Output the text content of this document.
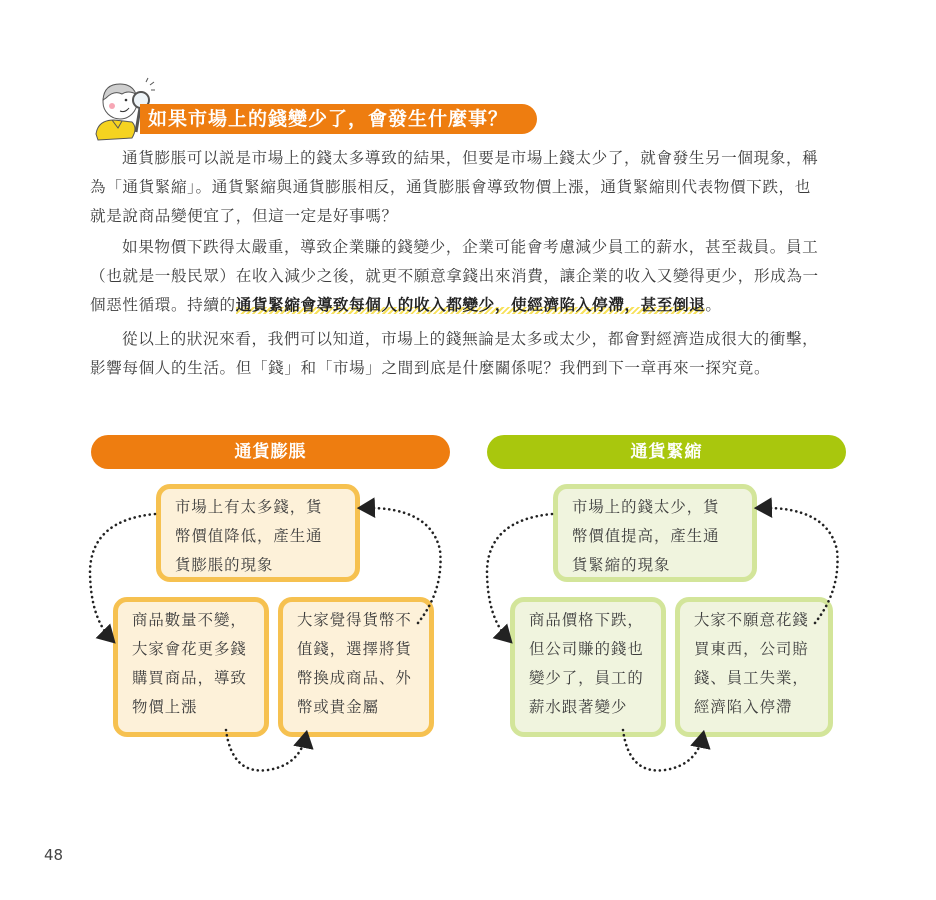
如果市場上的錢變少了，會發生什麼事？
通貨膨脹可以説是市場上的錢太多導致的結果，但要是市場上錢太少了，就會發生另一個現象，稱
為「通貨緊縮」。通貨緊縮與通貨膨脹相反，通貨膨脹會導致物價上漲，通貨緊縮則代表物價下跌，也
就是說商品變便宜了，但這一定是好事嗎？
如果物價下跌得太嚴重，導致企業賺的錢變少，企業可能會考慮減少員工的薪水，甚至裁員。員工
（也就是一般民眾）在收入減少之後，就更不願意拿錢出來消費，讓企業的收入又變得更少，形成為一
個惡性循環。持續的通貨緊縮會導致每個人的收入都變少，使經濟陷入停滯，甚至倒退。
從以上的狀況來看，我們可以知道，市場上的錢無論是太多或太少，都會對經濟造成很大的衝擊，
影響每個人的生活。但「錢」和「市場」之間到底是什麼關係呢？我們到下一章再來一探究竟。
通貨膨脹
市場上有太多錢，貨
幣價值降低，產生通
貨膨脹的現象
商品數量不變，
大家會花更多錢
購買商品，導致
物價上漲
大家覺得貨幣不
值錢，選擇將貨
幣換成商品、外
幣或貴金屬
通貨緊縮
市場上的錢太少，貨
幣價值提高，產生通
貨緊縮的現象
商品價格下跌，
但公司賺的錢也
變少了，員工的
薪水跟著變少
大家不願意花錢
買東西，公司賠
錢、員工失業，
經濟陷入停滯
48
